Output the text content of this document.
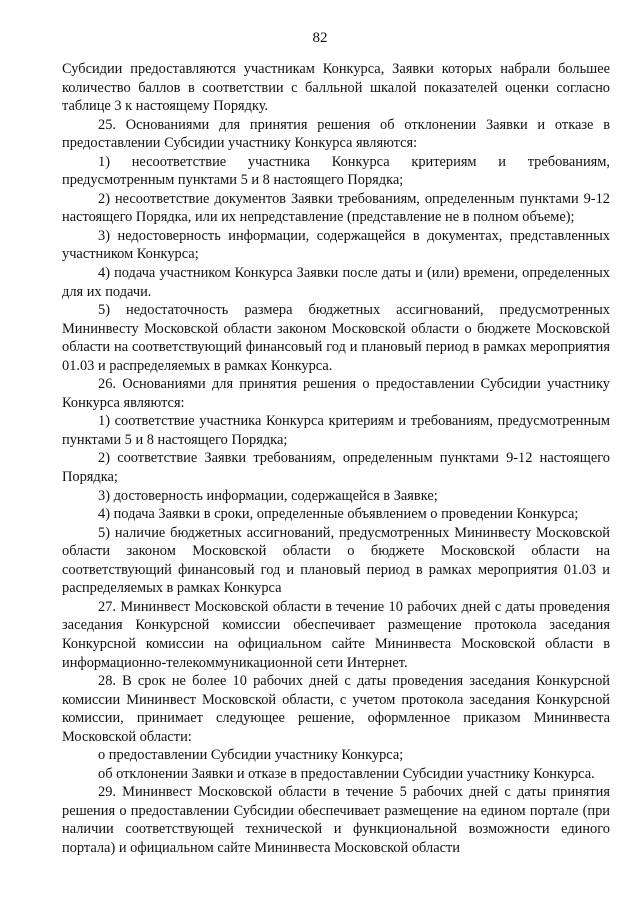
82

Субсидии предоставляются участникам Конкурса, Заявки которых набрали большее количество баллов в соответствии с балльной шкалой показателей оценки согласно таблице 3 к настоящему Порядку.

25. Основаниями для принятия решения об отклонении Заявки и отказе в предоставлении Субсидии участнику Конкурса являются:

1) несоответствие участника Конкурса критериям и требованиям, предусмотренным пунктами 5 и 8 настоящего Порядка;

2) несоответствие документов Заявки требованиям, определенным пунктами 9-12 настоящего Порядка, или их непредставление (представление не в полном объеме);

3) недостоверность информации, содержащейся в документах, представленных участником Конкурса;

4) подача участником Конкурса Заявки после даты и (или) времени, определенных для их подачи.

5) недостаточность размера бюджетных ассигнований, предусмотренных Мининвесту Московской области законом Московской области о бюджете Московской области на соответствующий финансовый год и плановый период в рамках мероприятия 01.03 и распределяемых в рамках Конкурса.

26. Основаниями для принятия решения о предоставлении Субсидии участнику Конкурса являются:

1) соответствие участника Конкурса критериям и требованиям, предусмотренным пунктами 5 и 8 настоящего Порядка;

2) соответствие Заявки требованиям, определенным пунктами 9-12 настоящего Порядка;

3) достоверность информации, содержащейся в Заявке;

4) подача Заявки в сроки, определенные объявлением о проведении Конкурса;

5) наличие бюджетных ассигнований, предусмотренных Мининвесту Московской области законом Московской области о бюджете Московской области на соответствующий финансовый год и плановый период в рамках мероприятия 01.03 и распределяемых в рамках Конкурса

27. Мининвест Московской области в течение 10 рабочих дней с даты проведения заседания Конкурсной комиссии обеспечивает размещение протокола заседания Конкурсной комиссии на официальном сайте Мининвеста Московской области в информационно-телекоммуникационной сети Интернет.

28. В срок не более 10 рабочих дней с даты проведения заседания Конкурсной комиссии Мининвест Московской области, с учетом протокола заседания Конкурсной комиссии, принимает следующее решение, оформленное приказом Мининвеста Московской области:

о предоставлении Субсидии участнику Конкурса;

об отклонении Заявки и отказе в предоставлении Субсидии участнику Конкурса.

29. Мининвест Московской области в течение 5 рабочих дней с даты принятия решения о предоставлении Субсидии обеспечивает размещение на едином портале (при наличии соответствующей технической и функциональной возможности единого портала) и официальном сайте Мининвеста Московской области
